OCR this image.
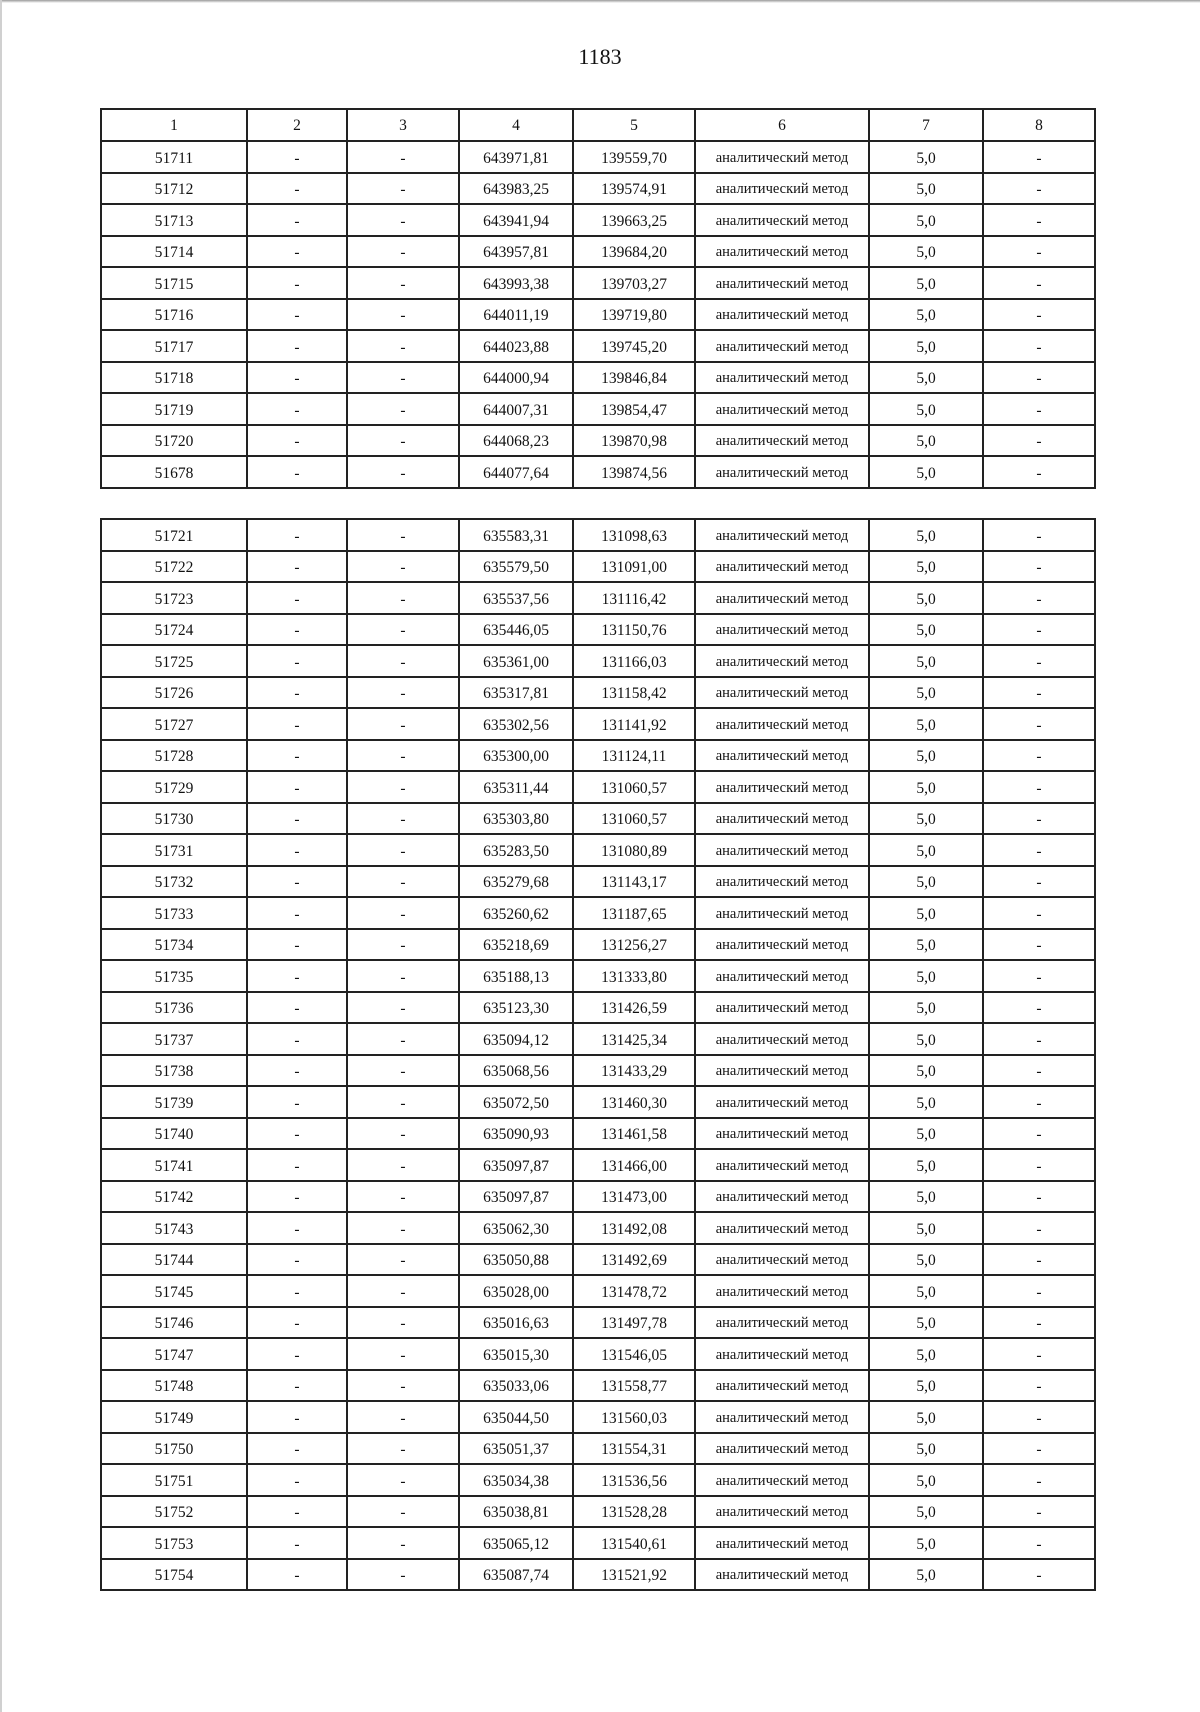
1183
1	2	3	4	5	6	7	8
51711	-	-	643971,81	139559,70	аналитический метод	5,0	-
51712	-	-	643983,25	139574,91	аналитический метод	5,0	-
51713	-	-	643941,94	139663,25	аналитический метод	5,0	-
51714	-	-	643957,81	139684,20	аналитический метод	5,0	-
51715	-	-	643993,38	139703,27	аналитический метод	5,0	-
51716	-	-	644011,19	139719,80	аналитический метод	5,0	-
51717	-	-	644023,88	139745,20	аналитический метод	5,0	-
51718	-	-	644000,94	139846,84	аналитический метод	5,0	-
51719	-	-	644007,31	139854,47	аналитический метод	5,0	-
51720	-	-	644068,23	139870,98	аналитический метод	5,0	-
51678	-	-	644077,64	139874,56	аналитический метод	5,0	-
51721	-	-	635583,31	131098,63	аналитический метод	5,0	-
51722	-	-	635579,50	131091,00	аналитический метод	5,0	-
51723	-	-	635537,56	131116,42	аналитический метод	5,0	-
51724	-	-	635446,05	131150,76	аналитический метод	5,0	-
51725	-	-	635361,00	131166,03	аналитический метод	5,0	-
51726	-	-	635317,81	131158,42	аналитический метод	5,0	-
51727	-	-	635302,56	131141,92	аналитический метод	5,0	-
51728	-	-	635300,00	131124,11	аналитический метод	5,0	-
51729	-	-	635311,44	131060,57	аналитический метод	5,0	-
51730	-	-	635303,80	131060,57	аналитический метод	5,0	-
51731	-	-	635283,50	131080,89	аналитический метод	5,0	-
51732	-	-	635279,68	131143,17	аналитический метод	5,0	-
51733	-	-	635260,62	131187,65	аналитический метод	5,0	-
51734	-	-	635218,69	131256,27	аналитический метод	5,0	-
51735	-	-	635188,13	131333,80	аналитический метод	5,0	-
51736	-	-	635123,30	131426,59	аналитический метод	5,0	-
51737	-	-	635094,12	131425,34	аналитический метод	5,0	-
51738	-	-	635068,56	131433,29	аналитический метод	5,0	-
51739	-	-	635072,50	131460,30	аналитический метод	5,0	-
51740	-	-	635090,93	131461,58	аналитический метод	5,0	-
51741	-	-	635097,87	131466,00	аналитический метод	5,0	-
51742	-	-	635097,87	131473,00	аналитический метод	5,0	-
51743	-	-	635062,30	131492,08	аналитический метод	5,0	-
51744	-	-	635050,88	131492,69	аналитический метод	5,0	-
51745	-	-	635028,00	131478,72	аналитический метод	5,0	-
51746	-	-	635016,63	131497,78	аналитический метод	5,0	-
51747	-	-	635015,30	131546,05	аналитический метод	5,0	-
51748	-	-	635033,06	131558,77	аналитический метод	5,0	-
51749	-	-	635044,50	131560,03	аналитический метод	5,0	-
51750	-	-	635051,37	131554,31	аналитический метод	5,0	-
51751	-	-	635034,38	131536,56	аналитический метод	5,0	-
51752	-	-	635038,81	131528,28	аналитический метод	5,0	-
51753	-	-	635065,12	131540,61	аналитический метод	5,0	-
51754	-	-	635087,74	131521,92	аналитический метод	5,0	-
